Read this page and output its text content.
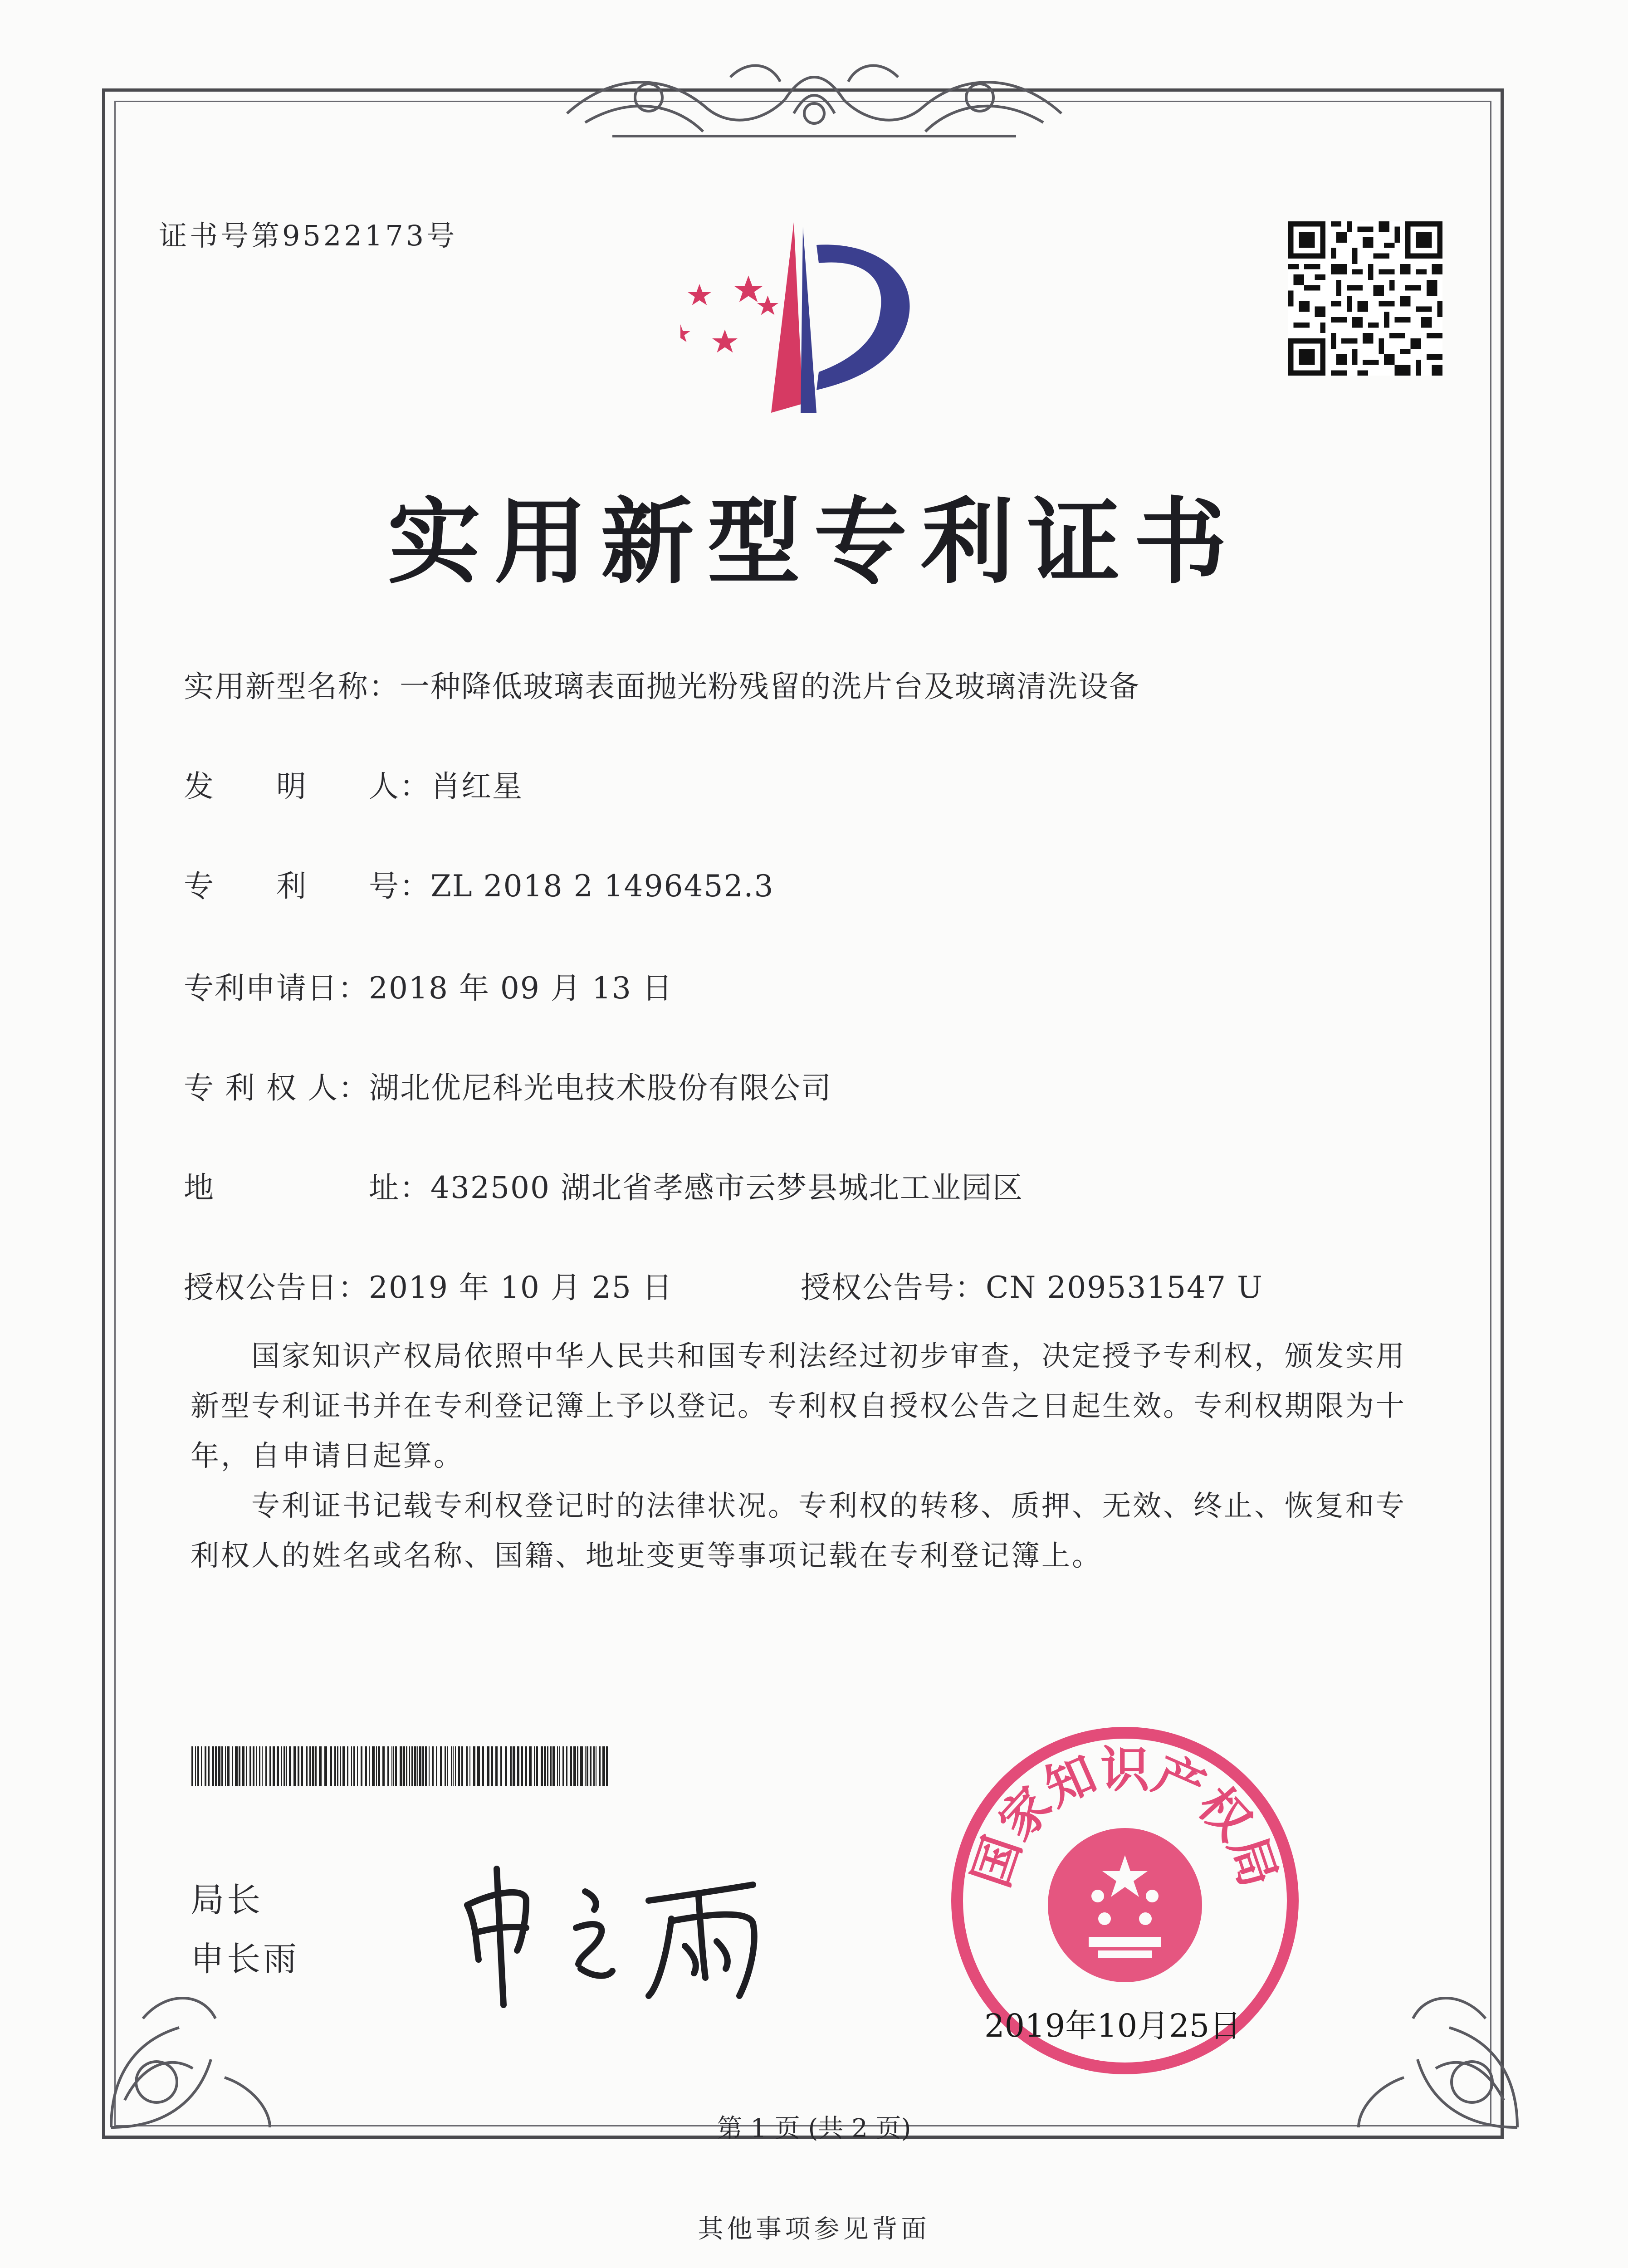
证书号第9522173号
实用新型专利证书
实用新型名称：一种降低玻璃表面抛光粉残留的洗片台及玻璃清洗设备
发　　明　　人：肖红星
专　　利　　号：ZL 2018 2 1496452.3
专利申请日：2018 年 09 月 13 日
专 利 权 人：湖北优尼科光电技术股份有限公司
地　　　　　址：432500 湖北省孝感市云梦县城北工业园区
授权公告日：2019 年 10 月 25 日	授权公告号：CN 209531547 U
　　国家知识产权局依照中华人民共和国专利法经过初步审查，决定授予专利权，颁发实用新型专利证书并在专利登记簿上予以登记。专利权自授权公告之日起生效。专利权期限为十年，自申请日起算。
　　专利证书记载专利权登记时的法律状况。专利权的转移、质押、无效、终止、恢复和专利权人的姓名或名称、国籍、地址变更等事项记载在专利登记簿上。
局长
申长雨
国家知识产权局
2019年10月25日
第 1 页 (共 2 页)
其他事项参见背面
